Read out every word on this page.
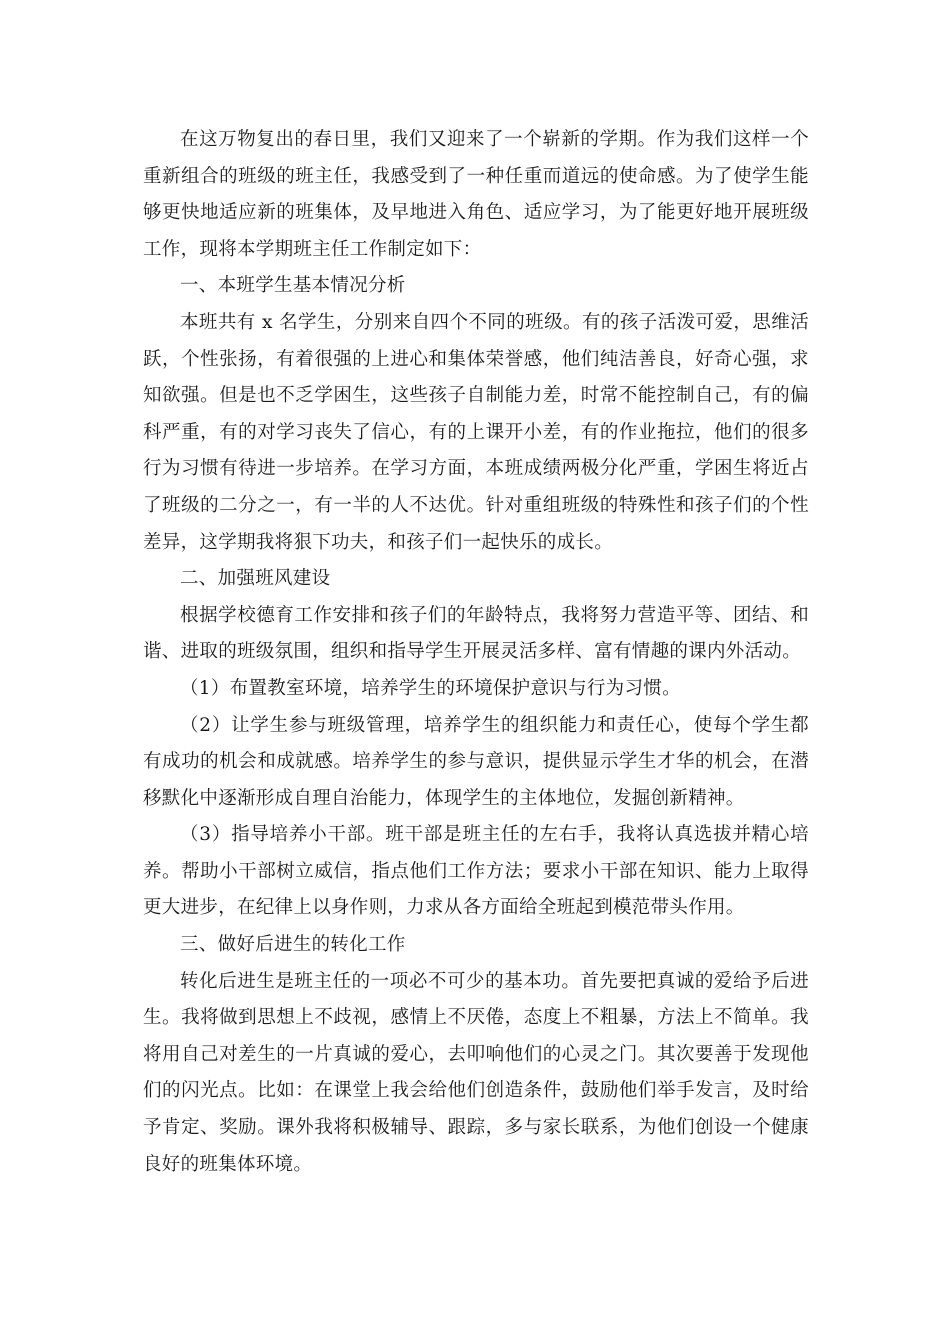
在这万物复出的春日里，我们又迎来了一个崭新的学期。作为我们这样一个重新组合的班级的班主任，我感受到了一种任重而道远的使命感。为了使学生能够更快地适应新的班集体，及早地进入角色、适应学习，为了能更好地开展班级工作，现将本学期班主任工作制定如下：

一、本班学生基本情况分析

本班共有 x 名学生，分别来自四个不同的班级。有的孩子活泼可爱，思维活跃，个性张扬，有着很强的上进心和集体荣誉感，他们纯洁善良，好奇心强，求知欲强。但是也不乏学困生，这些孩子自制能力差，时常不能控制自己，有的偏科严重，有的对学习丧失了信心，有的上课开小差，有的作业拖拉，他们的很多行为习惯有待进一步培养。在学习方面，本班成绩两极分化严重，学困生将近占了班级的二分之一，有一半的人不达优。针对重组班级的特殊性和孩子们的个性差异，这学期我将狠下功夫，和孩子们一起快乐的成长。

二、加强班风建设

根据学校德育工作安排和孩子们的年龄特点，我将努力营造平等、团结、和谐、进取的班级氛围，组织和指导学生开展灵活多样、富有情趣的课内外活动。

（1）布置教室环境，培养学生的环境保护意识与行为习惯。

（2）让学生参与班级管理，培养学生的组织能力和责任心，使每个学生都有成功的机会和成就感。培养学生的参与意识，提供显示学生才华的机会，在潜移默化中逐渐形成自理自治能力，体现学生的主体地位，发掘创新精神。

（3）指导培养小干部。班干部是班主任的左右手，我将认真选拔并精心培养。帮助小干部树立威信，指点他们工作方法；要求小干部在知识、能力上取得更大进步，在纪律上以身作则，力求从各方面给全班起到模范带头作用。

三、做好后进生的转化工作

转化后进生是班主任的一项必不可少的基本功。首先要把真诚的爱给予后进生。我将做到思想上不歧视，感情上不厌倦，态度上不粗暴，方法上不简单。我将用自己对差生的一片真诚的爱心，去叩响他们的心灵之门。其次要善于发现他们的闪光点。比如：在课堂上我会给他们创造条件，鼓励他们举手发言，及时给予肯定、奖励。课外我将积极辅导、跟踪，多与家长联系，为他们创设一个健康良好的班集体环境。
